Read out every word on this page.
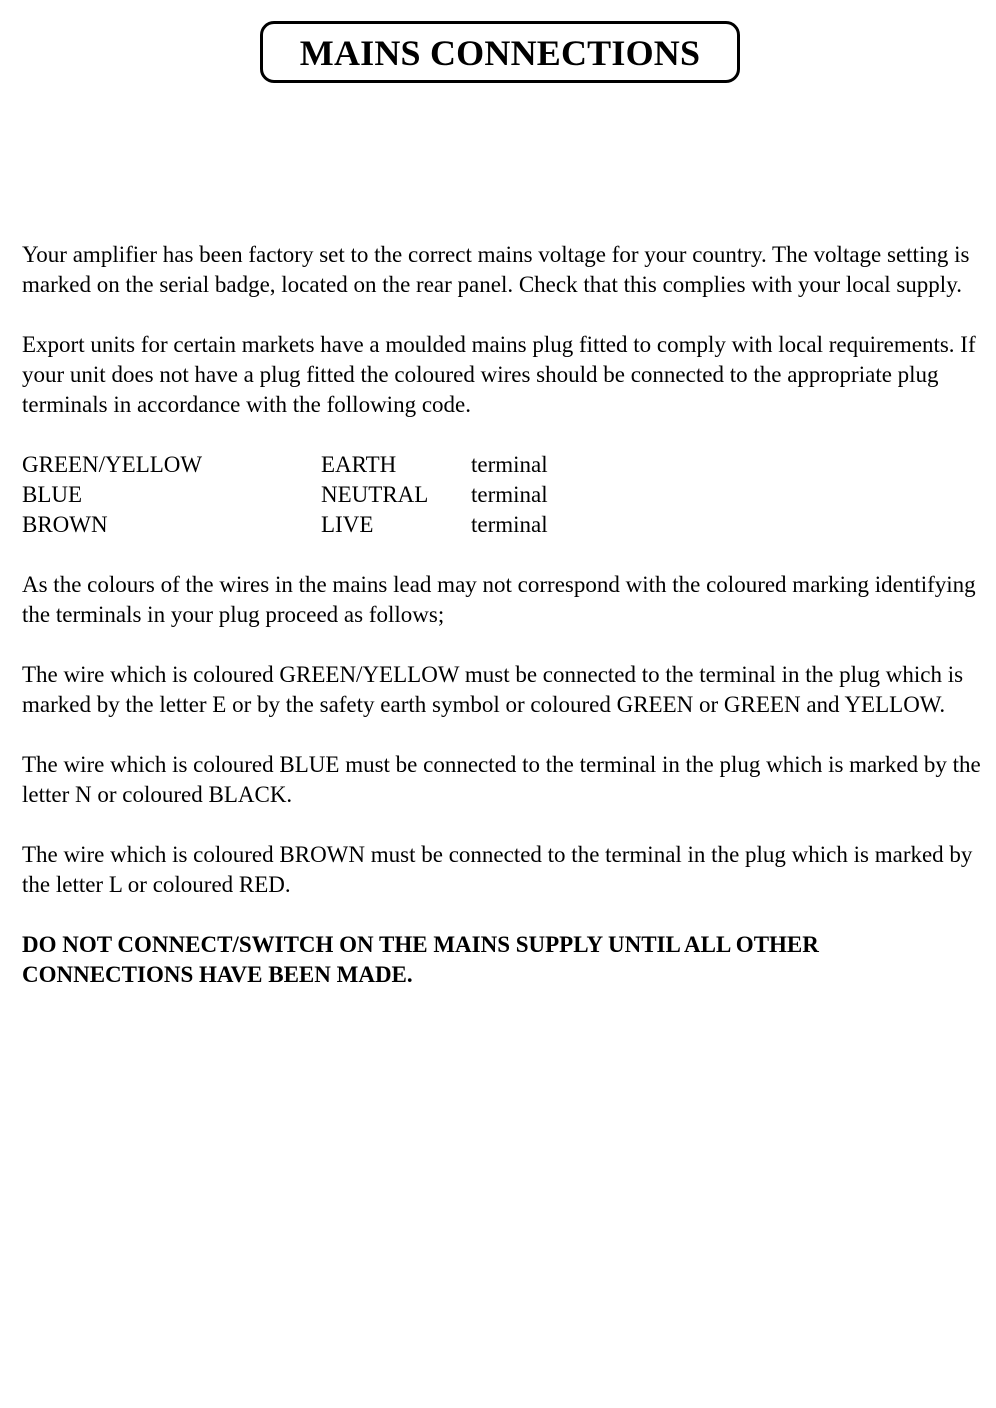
MAINS CONNECTIONS

Your amplifier has been factory set to the correct mains voltage for your country. The voltage setting is marked on the serial badge, located on the rear panel. Check that this complies with your local supply.

Export units for certain markets have a moulded mains plug fitted to comply with local requirements. If your unit does not have a plug fitted the coloured wires should be connected to the appropriate plug terminals in accordance with the following code.

GREEN/YELLOW	EARTH	terminal
BLUE	NEUTRAL	terminal
BROWN	LIVE	terminal

As the colours of the wires in the mains lead may not correspond with the coloured marking identifying the terminals in your plug proceed as follows;

The wire which is coloured GREEN/YELLOW must be connected to the terminal in the plug which is marked by the letter E or by the safety earth symbol or coloured GREEN or GREEN and YELLOW.

The wire which is coloured BLUE must be connected to the terminal in the plug which is marked by the letter N or coloured BLACK.

The wire which is coloured BROWN must be connected to the terminal in the plug which is marked by the letter L or coloured RED.

DO NOT CONNECT/SWITCH ON THE MAINS SUPPLY UNTIL ALL OTHER CONNECTIONS HAVE BEEN MADE.
